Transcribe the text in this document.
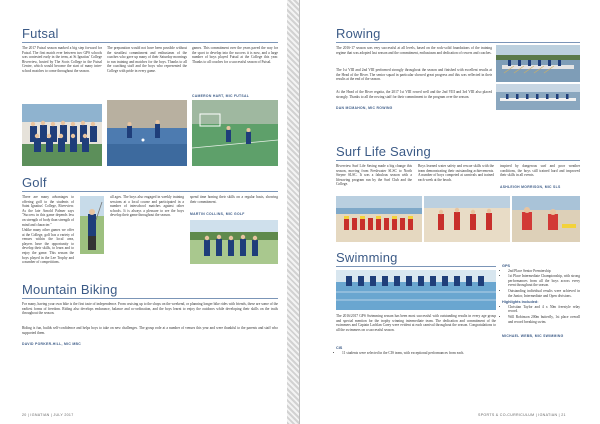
Futsal

The 2017 Futsal season marked a big step forward for Futsal. The first match ever between two GPS schools was contested early in the term, at St Ignatius' College Riverview, hosted by The Scots College in the Futsal Centre, which would become the start of many inter-school matches to come throughout the season.

The preparation would not have been possible without the steadfast commitment and enthusiasm of the coaches who gave up many of their Saturday mornings to run training and matches for the boys. Thanks to all the coaching staff and the boys who represented the College with pride in every game.

games. This commitment over the years paved the way for the sport to develop into the success it is now, and a large number of boys played Futsal at the College this year. Thanks to all coaches for a successful season of Futsal.

CAMERON HART, MIC FUTSAL
Golf

There are many advantages to offering golf to the students of Saint Ignatius' College, Riverview. As the late Arnold Palmer says "Success in this game depends less on strength of body than strength of mind and character."

Unlike many other games we offer at the College, golf has a variety of venues within the local area, players have the opportunity to develop their skills, to learn and to enjoy the game. This season the boys played in the Lee Trophy and a number of competitions.

all ages. The boys also engaged in weekly training sessions at a local course and participated in a number of interschool matches against other schools. It is always a pleasure to see the boys develop their game throughout the season.

spend time honing their skills on a regular basis, showing their commitment.

MARTIN COLLINS, MIC GOLF
Mountain Biking

For many, having your own bike is the first taste of independence. From cruising up to the shops on the weekend, or planning longer bike rides with friends, these are some of the earliest forms of freedom. Riding also develops endurance, balance and co-ordination, and the boys learnt to enjoy the outdoors while developing their skills on the trails throughout the season.

Riding is fun, builds self-confidence and helps boys to take on new challenges. The group rode at a number of venues this year and were thankful to the parents and staff who supported them.

DAVID PORKER-HILL, MIC MBC
20 | IGNATIAN | JULY 2017
Rowing

The 2016-17 season was very successful at all levels, based on the rock-solid foundations of the training regime that was adopted last season and the commitment, enthusiasm and dedication of rowers and coaches.

The 1st VIII and 2nd VIII performed strongly throughout the season and finished with excellent results at the Head of the River. The senior squad in particular showed great progress and this was reflected in their results at the end of the season.

At the Head of the River regatta, the 2017 1st VIII rowed well and the 2nd VIII and 3rd VIII also placed strongly. Thanks to all the rowing staff for their commitment to the program over the season.

DAN MCMAHON, MIC ROWING
Surf Life Saving

Riverview Surf Life Saving made a big change this season, moving from Freshwater SLSC to North Steyne SLSC. It was a fabulous season with a lifesaving program run by the Surf Club and the College.

Boys learned water safety and rescue skills with the team demonstrating their outstanding achievements. A number of boys competed at carnivals and trained each week at the beach.

inspired by dangerous surf and poor weather conditions, the boys still trained hard and improved their skills in all events.

ASHLEIGH MORRISON, MIC SLS
Swimming

The 2016/2017 GPS Swimming season has been most successful with outstanding results in every age group and special mention for the trophy winning intermediate team. The dedication and commitment of the swimmers and Captain Lachlan Carey were evident at each carnival throughout the season. Congratulations to all the swimmers on a successful season.

CIS
• 11 students were selected in the CIS team, with exceptional performances from each.
GPS
• 2nd Place Senior Premiership
• 1st Place Intermediate Championship, with strong performances from all the boys across every event throughout the season.
• Outstanding individual results were achieved in the Junior, Intermediate and Open divisions.
Highlights included:
• Christian Taylor and 4 x 50m freestyle relay record.
• Will Robinson 200m butterfly, 1st place overall and record breaking swim.
MICHAEL WEBB, MIC SWIMMING
SPORTS & CO-CURRICULUM | IGNATIAN | 21
